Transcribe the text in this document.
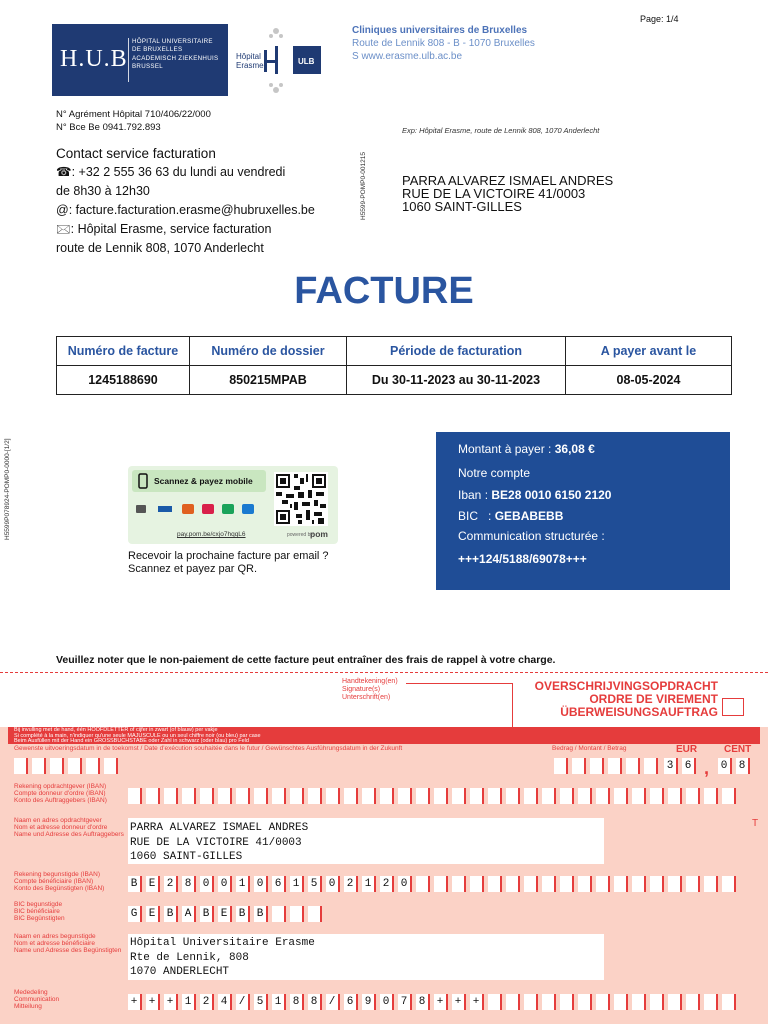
H.U.B
HÔPITAL UNIVERSITAIRE
DE BRUXELLES
ACADEMISCH ZIEKENHUIS
BRUSSEL
ULB
Hôpital
Erasme
Cliniques universitaires de Bruxelles
Route de Lennik 808 - B - 1070 Bruxelles
S www.erasme.ulb.ac.be
Page: 1/4
N° Agrément Hôpital 710/406/22/000
N° Bce Be 0941.792.893	Exp: Hôpital Erasme, route de Lennik 808, 1070 Anderlecht
H5599-POMP0-001215
H5599P078924-POMP0-0000-[1/2]
Contact service facturation
☎: +32 2 555 36 63 du lundi au vendredi
de 8h30 à 12h30
@: facture.facturation.erasme@hubruxelles.be
🖂: Hôpital Erasme, service facturation
route de Lennik 808, 1070 Anderlecht
PARRA ALVAREZ ISMAEL ANDRES
RUE DE LA VICTOIRE 41/0003
1060 SAINT-GILLES
FACTURE
Numéro de facture	Numéro de dossier	Période de facturation	A payer avant le
1245188690	850215MPAB	Du 30-11-2023 au 30-11-2023	08-05-2024
Scannez & payez mobile
pay.pom.be/cxjo7hqqL6	powered by
pom
Recevoir la prochaine facture par email ?
Scannez et payez par QR.
Montant à payer : 36,08 €
Notre compte
Iban : BE28 0010 6150 2120
BIC   : GEBABEBB
Communication structurée :
+++124/5188/69078+++
Veuillez noter que le non-paiement de cette facture peut entraîner des frais de rappel à votre charge.
Handtekening(en)
Signature(s)
Unterschrift(en)
OVERSCHRIJVINGSOPDRACHT
ORDRE DE VIREMENT
ÜBERWEISUNGSAUFTRAG
Bij invulling met de hand, één HOOFDLETTER of cijfer in zwart (of blauw) per vakje
Si complété à la main, n'indiquer qu'une seule MAJUSCULE ou un seul chiffre noir (ou bleu) par case
Beim Ausfüllen mit der Hand ein GROSSBUCHSTABE oder Zahl in schwarz (oder blau) pro Feld
Gewenste uitvoeringsdatum in de toekomst / Date d'exécution souhaitée dans le futur / Gewünschtes Ausführungsdatum in der Zukunft	Bedrag / Montant / Betrag	EUR	CENT
3	6 , 0	8
Rekening opdrachtgever (IBAN)
Compte donneur d'ordre (IBAN)
Konto des Auftraggebers (IBAN)
Naam en adres opdrachtgever
Nom et adresse donneur d'ordre
Name und Adresse des Auftraggebers
PARRA ALVAREZ ISMAEL ANDRES
RUE DE LA VICTOIRE 41/0003
1060 SAINT-GILLES
T
Rekening begunstigde (IBAN)
Compte bénéficiaire (IBAN)
Konto des Begünstigten (IBAN) B	E	2	8	0	0	1	0	6	1	5	0	2	1	2	0
BIC begunstigde
BIC bénéficiaire
BIC Begünstigten	G	E	B	A	B	E	B	B
Naam en adres begunstigde
Nom et adresse bénéficiaire
Name und Adresse des Begünstigten
Hôpital Universitaire Erasme
Rte de Lennik, 808
1070 ANDERLECHT
Mededeling
Communication
Mitteilung	+	+	+	1	2	4	/	5	1	8	8	/	6	9	0	7	8	+	+	+
